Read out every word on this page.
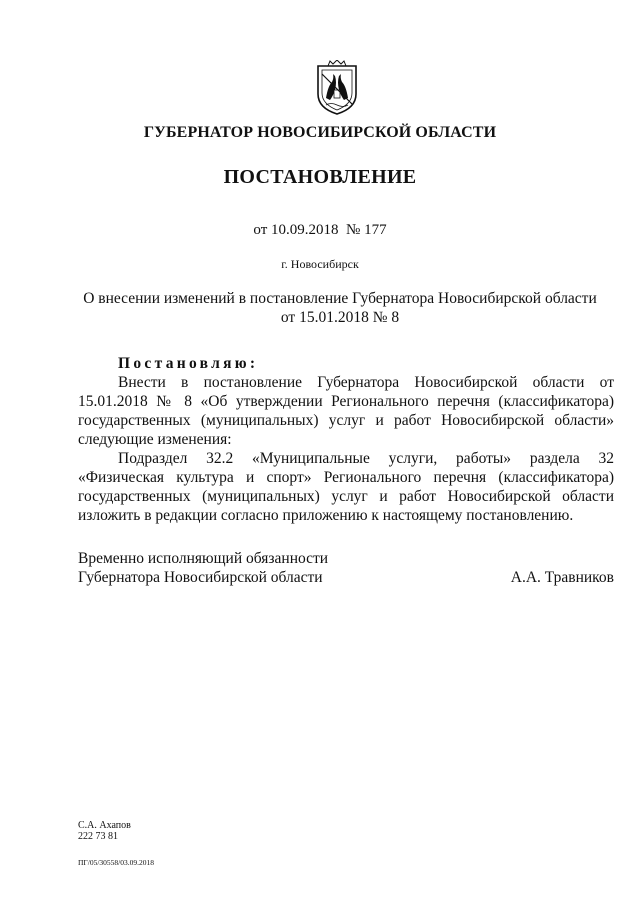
ГУБЕРНАТОР НОВОСИБИРСКОЙ ОБЛАСТИ
ПОСТАНОВЛЕНИЕ
от 10.09.2018 № 177
г. Новосибирск
О внесении изменений в постановление Губернатора Новосибирской области
от 15.01.2018 № 8

Постановляю:

Внести в постановление Губернатора Новосибирской области от 15.01.2018 № 8 «Об утверждении Регионального перечня (классификатора) государственных (муниципальных) услуг и работ Новосибирской области» следующие изменения:

Подраздел 32.2 «Муниципальные услуги, работы» раздела 32 «Физическая культура и спорт» Регионального перечня (классификатора) государственных (муниципальных) услуг и работ Новосибирской области изложить в редакции согласно приложению к настоящему постановлению.

Временно исполняющий обязанности
Губернатора Новосибирской области	А.А. Травников
С.А. Ахапов
222 73 81
ПГ/05/30558/03.09.2018
